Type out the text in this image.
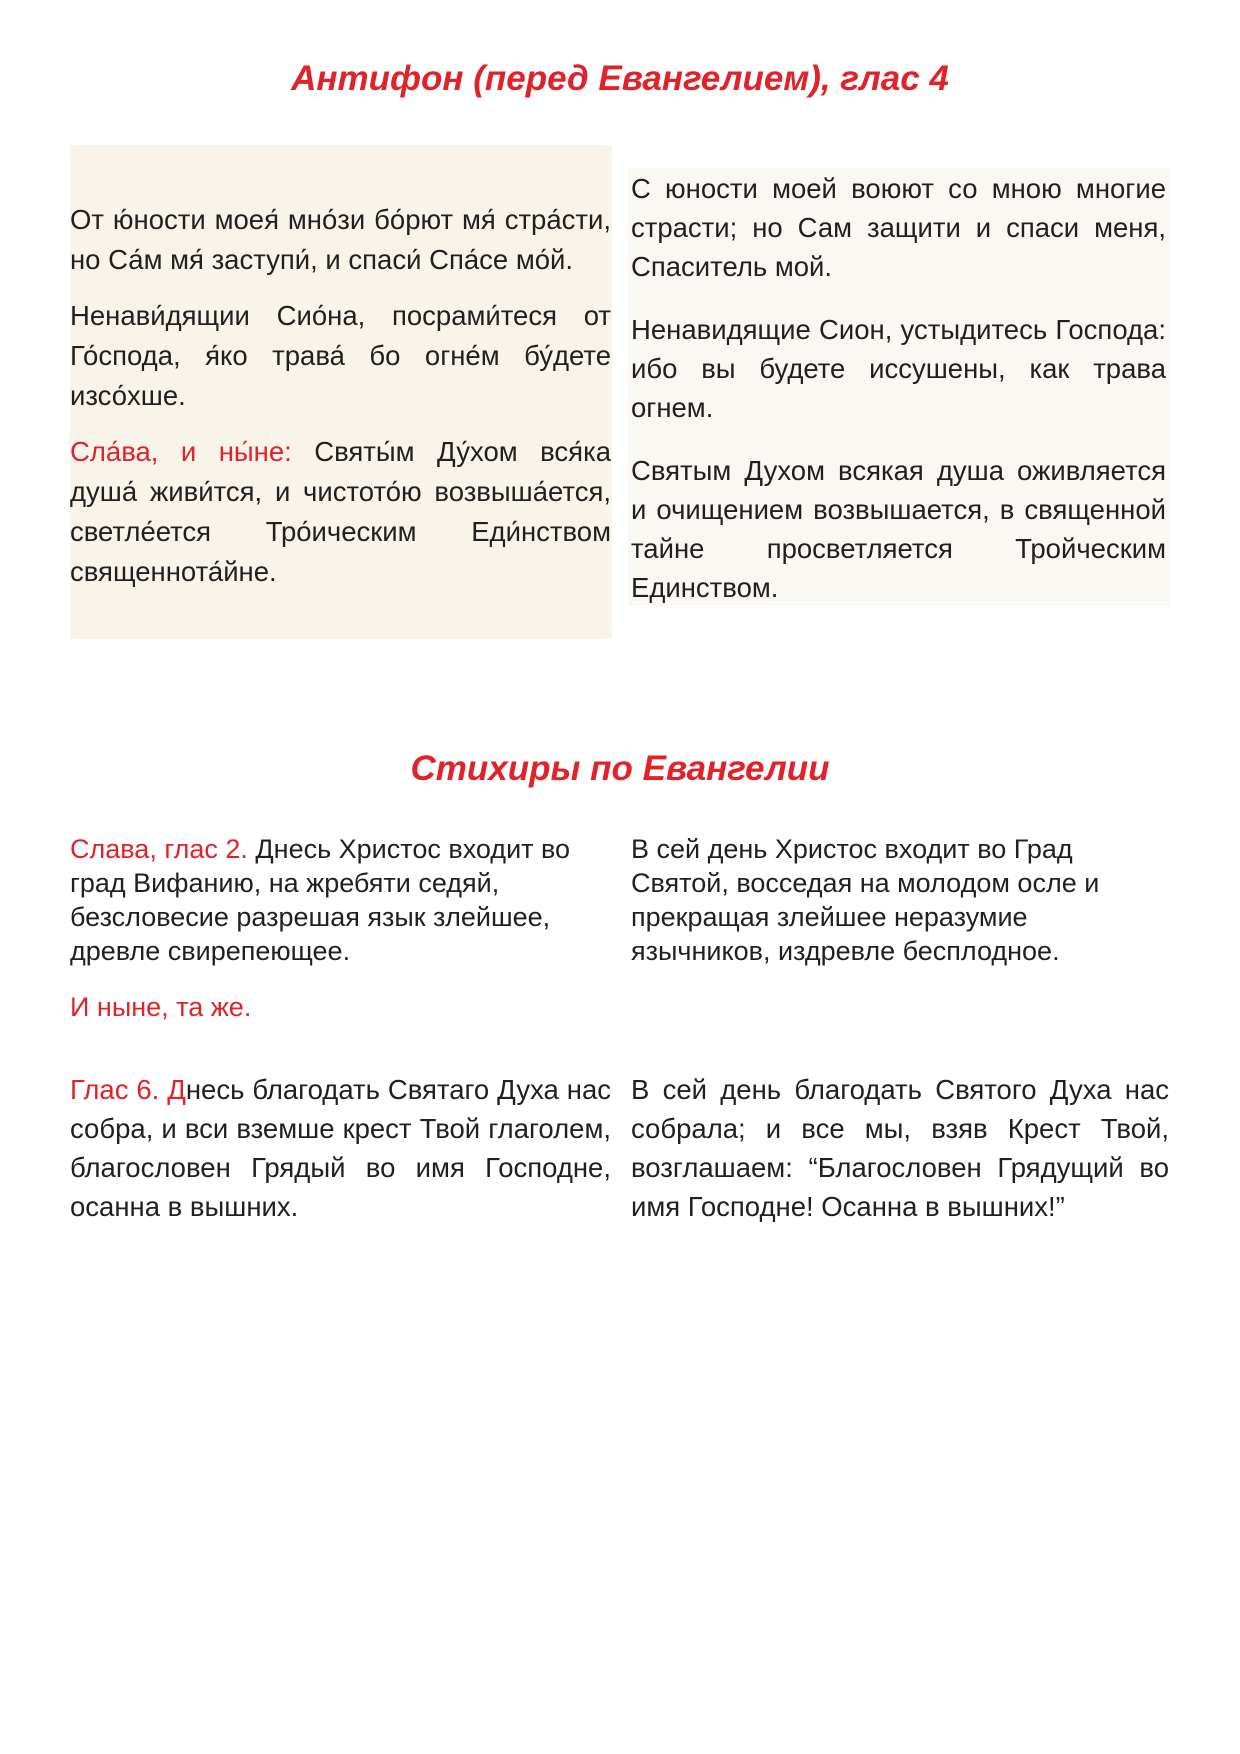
Антифон (перед Евангелием), глас 4

От ю́ности моея́ мно́зи бо́рют мя́ стра́сти, но Са́м мя́ заступи́, и спаси́ Спа́се мо́й.

Ненави́дящии Сио́на, посрами́теся от Го́спода, я́ко трава́ бо огне́м бу́дете изсо́хше.

Сла́ва, и ны́не: Святы́м Ду́хом вся́ка душа́ живи́тся, и чистото́ю возвыша́ется, светле́ется Тро́ическим Еди́нством священнота́йне.

С юности моей воюют со мною многие страсти; но Сам защити и спаси меня, Спаситель мой.

Ненавидящие Сион, устыдитесь Господа: ибо вы будете иссушены, как трава огнем.

Святым Духом всякая душа оживляется и очищением возвышается, в священной тайне просветляется Тройческим Единством.

Стихиры по Евангелии

Слава, глас 2. Днесь Христос входит во град Вифанию, на жребяти седяй, безсловесие разрешая язык злейшее, древле свирепеющее.

И ныне, та же.

В сей день Христос входит во Град Святой, восседая на молодом осле и прекращая злейшее неразумие язычников, издревле бесплодное.

Глас 6. Днесь благодать Святаго Духа нас собра, и вси вземше крест Твой глаголем, благословен Грядый во имя Господне, осанна в вышних.

В сей день благодать Святого Духа нас собрала; и все мы, взяв Крест Твой, возглашаем: “Благословен Грядущий во имя Господне! Осанна в вышних!”
